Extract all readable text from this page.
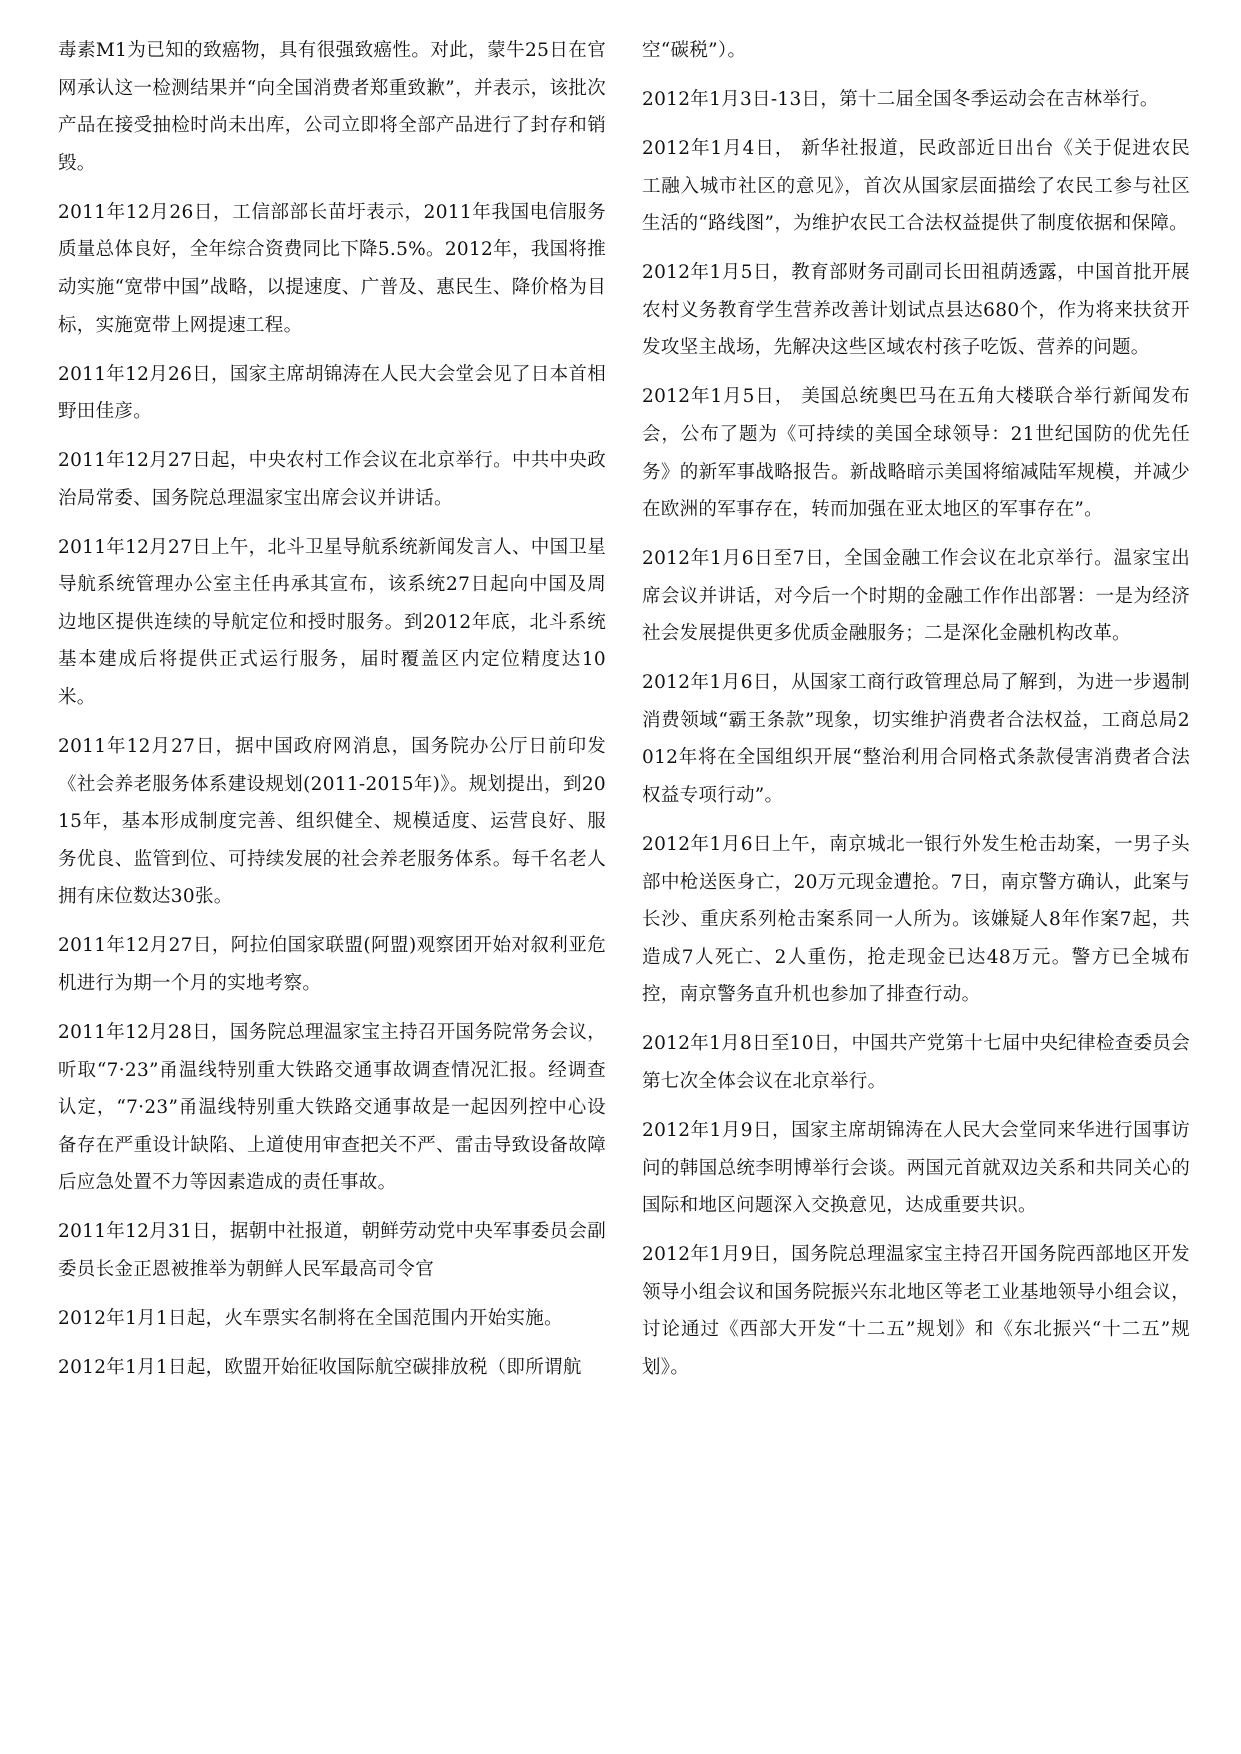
毒素M1为已知的致癌物，具有很强致癌性。对此，蒙牛25日在官网承认这一检测结果并“向全国消费者郑重致歉”，并表示，该批次产品在接受抽检时尚未出库，公司立即将全部产品进行了封存和销毁。

2011年12月26日，工信部部长苗圩表示，2011年我国电信服务质量总体良好，全年综合资费同比下降5.5%。2012年，我国将推动实施“宽带中国”战略，以提速度、广普及、惠民生、降价格为目标，实施宽带上网提速工程。

2011年12月26日，国家主席胡锦涛在人民大会堂会见了日本首相野田佳彦。

2011年12月27日起，中央农村工作会议在北京举行。中共中央政治局常委、国务院总理温家宝出席会议并讲话。

2011年12月27日上午，北斗卫星导航系统新闻发言人、中国卫星导航系统管理办公室主任冉承其宣布，该系统27日起向中国及周边地区提供连续的导航定位和授时服务。到2012年底，北斗系统基本建成后将提供正式运行服务，届时覆盖区内定位精度达10米。

2011年12月27日，据中国政府网消息，国务院办公厅日前印发《社会养老服务体系建设规划(2011-2015年)》。规划提出，到2015年，基本形成制度完善、组织健全、规模适度、运营良好、服务优良、监管到位、可持续发展的社会养老服务体系。每千名老人拥有床位数达30张。

2011年12月27日，阿拉伯国家联盟(阿盟)观察团开始对叙利亚危机进行为期一个月的实地考察。

2011年12月28日，国务院总理温家宝主持召开国务院常务会议，听取“7·23”甬温线特别重大铁路交通事故调查情况汇报。经调查认定，“7·23”甬温线特别重大铁路交通事故是一起因列控中心设备存在严重设计缺陷、上道使用审查把关不严、雷击导致设备故障后应急处置不力等因素造成的责任事故。

2011年12月31日，据朝中社报道，朝鲜劳动党中央军事委员会副委员长金正恩被推举为朝鲜人民军最高司令官

2012年1月1日起，火车票实名制将在全国范围内开始实施。

2012年1月1日起，欧盟开始征收国际航空碳排放税（即所谓航

空“碳税”）。

2012年1月3日-13日，第十二届全国冬季运动会在吉林举行。

2012年1月4日， 新华社报道，民政部近日出台《关于促进农民工融入城市社区的意见》，首次从国家层面描绘了农民工参与社区生活的“路线图”，为维护农民工合法权益提供了制度依据和保障。

2012年1月5日，教育部财务司副司长田祖荫透露，中国首批开展农村义务教育学生营养改善计划试点县达680个，作为将来扶贫开发攻坚主战场，先解决这些区域农村孩子吃饭、营养的问题。

2012年1月5日， 美国总统奥巴马在五角大楼联合举行新闻发布会，公布了题为《可持续的美国全球领导：21世纪国防的优先任务》的新军事战略报告。新战略暗示美国将缩减陆军规模，并减少在欧洲的军事存在，转而加强在亚太地区的军事存在”。

2012年1月6日至7日，全国金融工作会议在北京举行。温家宝出席会议并讲话，对今后一个时期的金融工作作出部署：一是为经济社会发展提供更多优质金融服务；二是深化金融机构改革。

2012年1月6日，从国家工商行政管理总局了解到，为进一步遏制消费领域“霸王条款”现象，切实维护消费者合法权益，工商总局2012年将在全国组织开展“整治利用合同格式条款侵害消费者合法权益专项行动”。

2012年1月6日上午，南京城北一银行外发生枪击劫案，一男子头部中枪送医身亡，20万元现金遭抢。7日，南京警方确认，此案与长沙、重庆系列枪击案系同一人所为。该嫌疑人8年作案7起，共造成7人死亡、2人重伤，抢走现金已达48万元。警方已全城布控，南京警务直升机也参加了排查行动。

2012年1月8日至10日，中国共产党第十七届中央纪律检查委员会第七次全体会议在北京举行。

2012年1月9日，国家主席胡锦涛在人民大会堂同来华进行国事访问的韩国总统李明博举行会谈。两国元首就双边关系和共同关心的国际和地区问题深入交换意见，达成重要共识。

2012年1月9日，国务院总理温家宝主持召开国务院西部地区开发领导小组会议和国务院振兴东北地区等老工业基地领导小组会议，讨论通过《西部大开发“十二五”规划》和《东北振兴“十二五”规划》。
